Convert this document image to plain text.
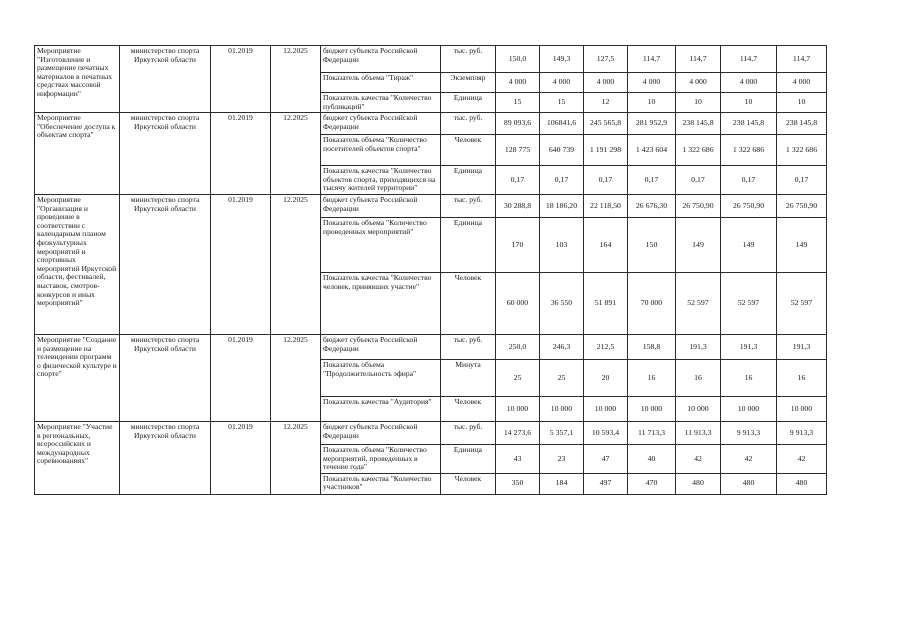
Мероприятие "Изготовление и размещение печатных материалов в печатных средствах массовой информации"	министерство спорта Иркутской области	01.2019	12.2025	бюджет субъекта Российской Федерации	тыс. руб.	150,0	149,3	127,5	114,7	114,7	114,7	114,7
				Показатель объема "Тираж"	Экземпляр	4 000	4 000	4 000	4 000	4 000	4 000	4 000
				Показатель качества "Количество публикаций"	Единица	15	15	12	10	10	10	10
Мероприятие "Обеспечение доступа к объектам спорта"	министерство спорта Иркутской области	01.2019	12.2025	бюджет субъекта Российской Федерации	тыс. руб.	89 093,6	106841,6	245 565,8	281 952,9	238 145,8	238 145,8	238 145,8
				Показатель объема "Количество посетителей объектов спорта"	Человек	128 775	640 739	1 191 298	1 423 604	1 322 686	1 322 686	1 322 686
				Показатель качества "Количество объектов спорта, приходящихся на тысячу жителей территории"	Единица	0,17	0,17	0,17	0,17	0,17	0,17	0,17
Мероприятие "Организация и проведение в соответствии с календарным планом физкультурных мероприятий и спортивных мероприятий Иркутской области, фестивалей, выставок, смотров-конкурсов и иных мероприятий"	министерство спорта Иркутской области	01.2019	12.2025	бюджет субъекта Российской Федерации	тыс. руб.	30 288,8	18 186,20	22 118,50	26 676,30	26 750,90	26 750,90	26 750,90
				Показатель объема "Количество проведенных мероприятий"	Единица	170	103	164	150	149	149	149
				Показатель качества "Количество человек, принявших участие"	Человек	60 000	36 550	51 891	70 000	52 597	52 597	52 597
Мероприятие "Создание и размещение на телевидении программ о физической культуре и спорте"	министерство спорта Иркутской области	01.2019	12.2025	бюджет субъекта Российской Федерации	тыс. руб.	250,0	246,3	212,5	158,8	191,3	191,3	191,3
				Показатель объема "Продолжительность эфира"	Минута	25	25	20	16	16	16	16
				Показатель качества "Аудитория"	Человек	10 000	10 000	10 000	10 000	10 000	10 000	10 000
Мероприятие "Участие в региональных, всероссийских и международных соревнованиях"	министерство спорта Иркутской области	01.2019	12.2025	бюджет субъекта Российской Федерации	тыс. руб.	14 273,6	5 357,1	10 593,4	11 713,3	11 913,3	9 913,3	9 913,3
				Показатель объема "Количество мероприятий, проведенных в течение года"	Единица	43	23	47	40	42	42	42
				Показатель качества "Количество участников"	Человек	350	184	497	470	480	480	480
